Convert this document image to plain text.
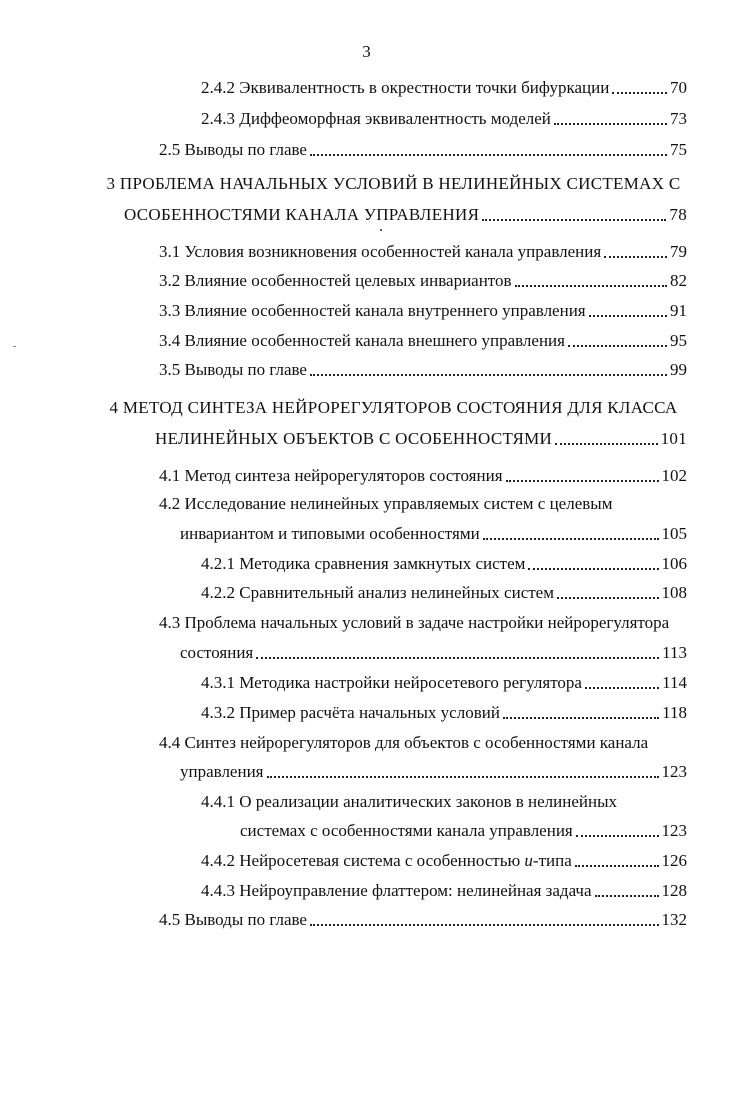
3
2.4.2 Эквивалентность в окрестности точки бифуркации	70
2.4.3 Диффеоморфная эквивалентность моделей	73
2.5 Выводы по главе	75
3 ПРОБЛЕМА НАЧАЛЬНЫХ УСЛОВИЙ В НЕЛИНЕЙНЫХ СИСТЕМАХ С
ОСОБЕННОСТЯМИ КАНАЛА УПРАВЛЕНИЯ	78
3.1 Условия возникновения особенностей канала управления	79
3.2 Влияние особенностей целевых инвариантов	82
3.3 Влияние особенностей канала внутреннего управления	91
3.4 Влияние особенностей канала внешнего управления	95
3.5 Выводы по главе	99
4 МЕТОД СИНТЕЗА НЕЙРОРЕГУЛЯТОРОВ СОСТОЯНИЯ ДЛЯ КЛАССА
НЕЛИНЕЙНЫХ ОБЪЕКТОВ С ОСОБЕННОСТЯМИ	101
4.1 Метод синтеза нейрорегуляторов состояния	102
4.2 Исследование нелинейных управляемых систем с целевым
инвариантом и типовыми особенностями	105
4.2.1 Методика сравнения замкнутых систем	106
4.2.2 Сравнительный анализ нелинейных систем	108
4.3 Проблема начальных условий в задаче настройки нейрорегулятора
состояния	113
4.3.1 Методика настройки нейросетевого регулятора	114
4.3.2 Пример расчёта начальных условий	118
4.4 Синтез нейрорегуляторов для объектов с особенностями канала
управления	123
4.4.1 О реализации аналитических законов в нелинейных
системах с особенностями канала управления	123
4.4.2 Нейросетевая система с особенностью u-типа	126
4.4.3 Нейроуправление флаттером: нелинейная задача	128
4.5 Выводы по главе	132
